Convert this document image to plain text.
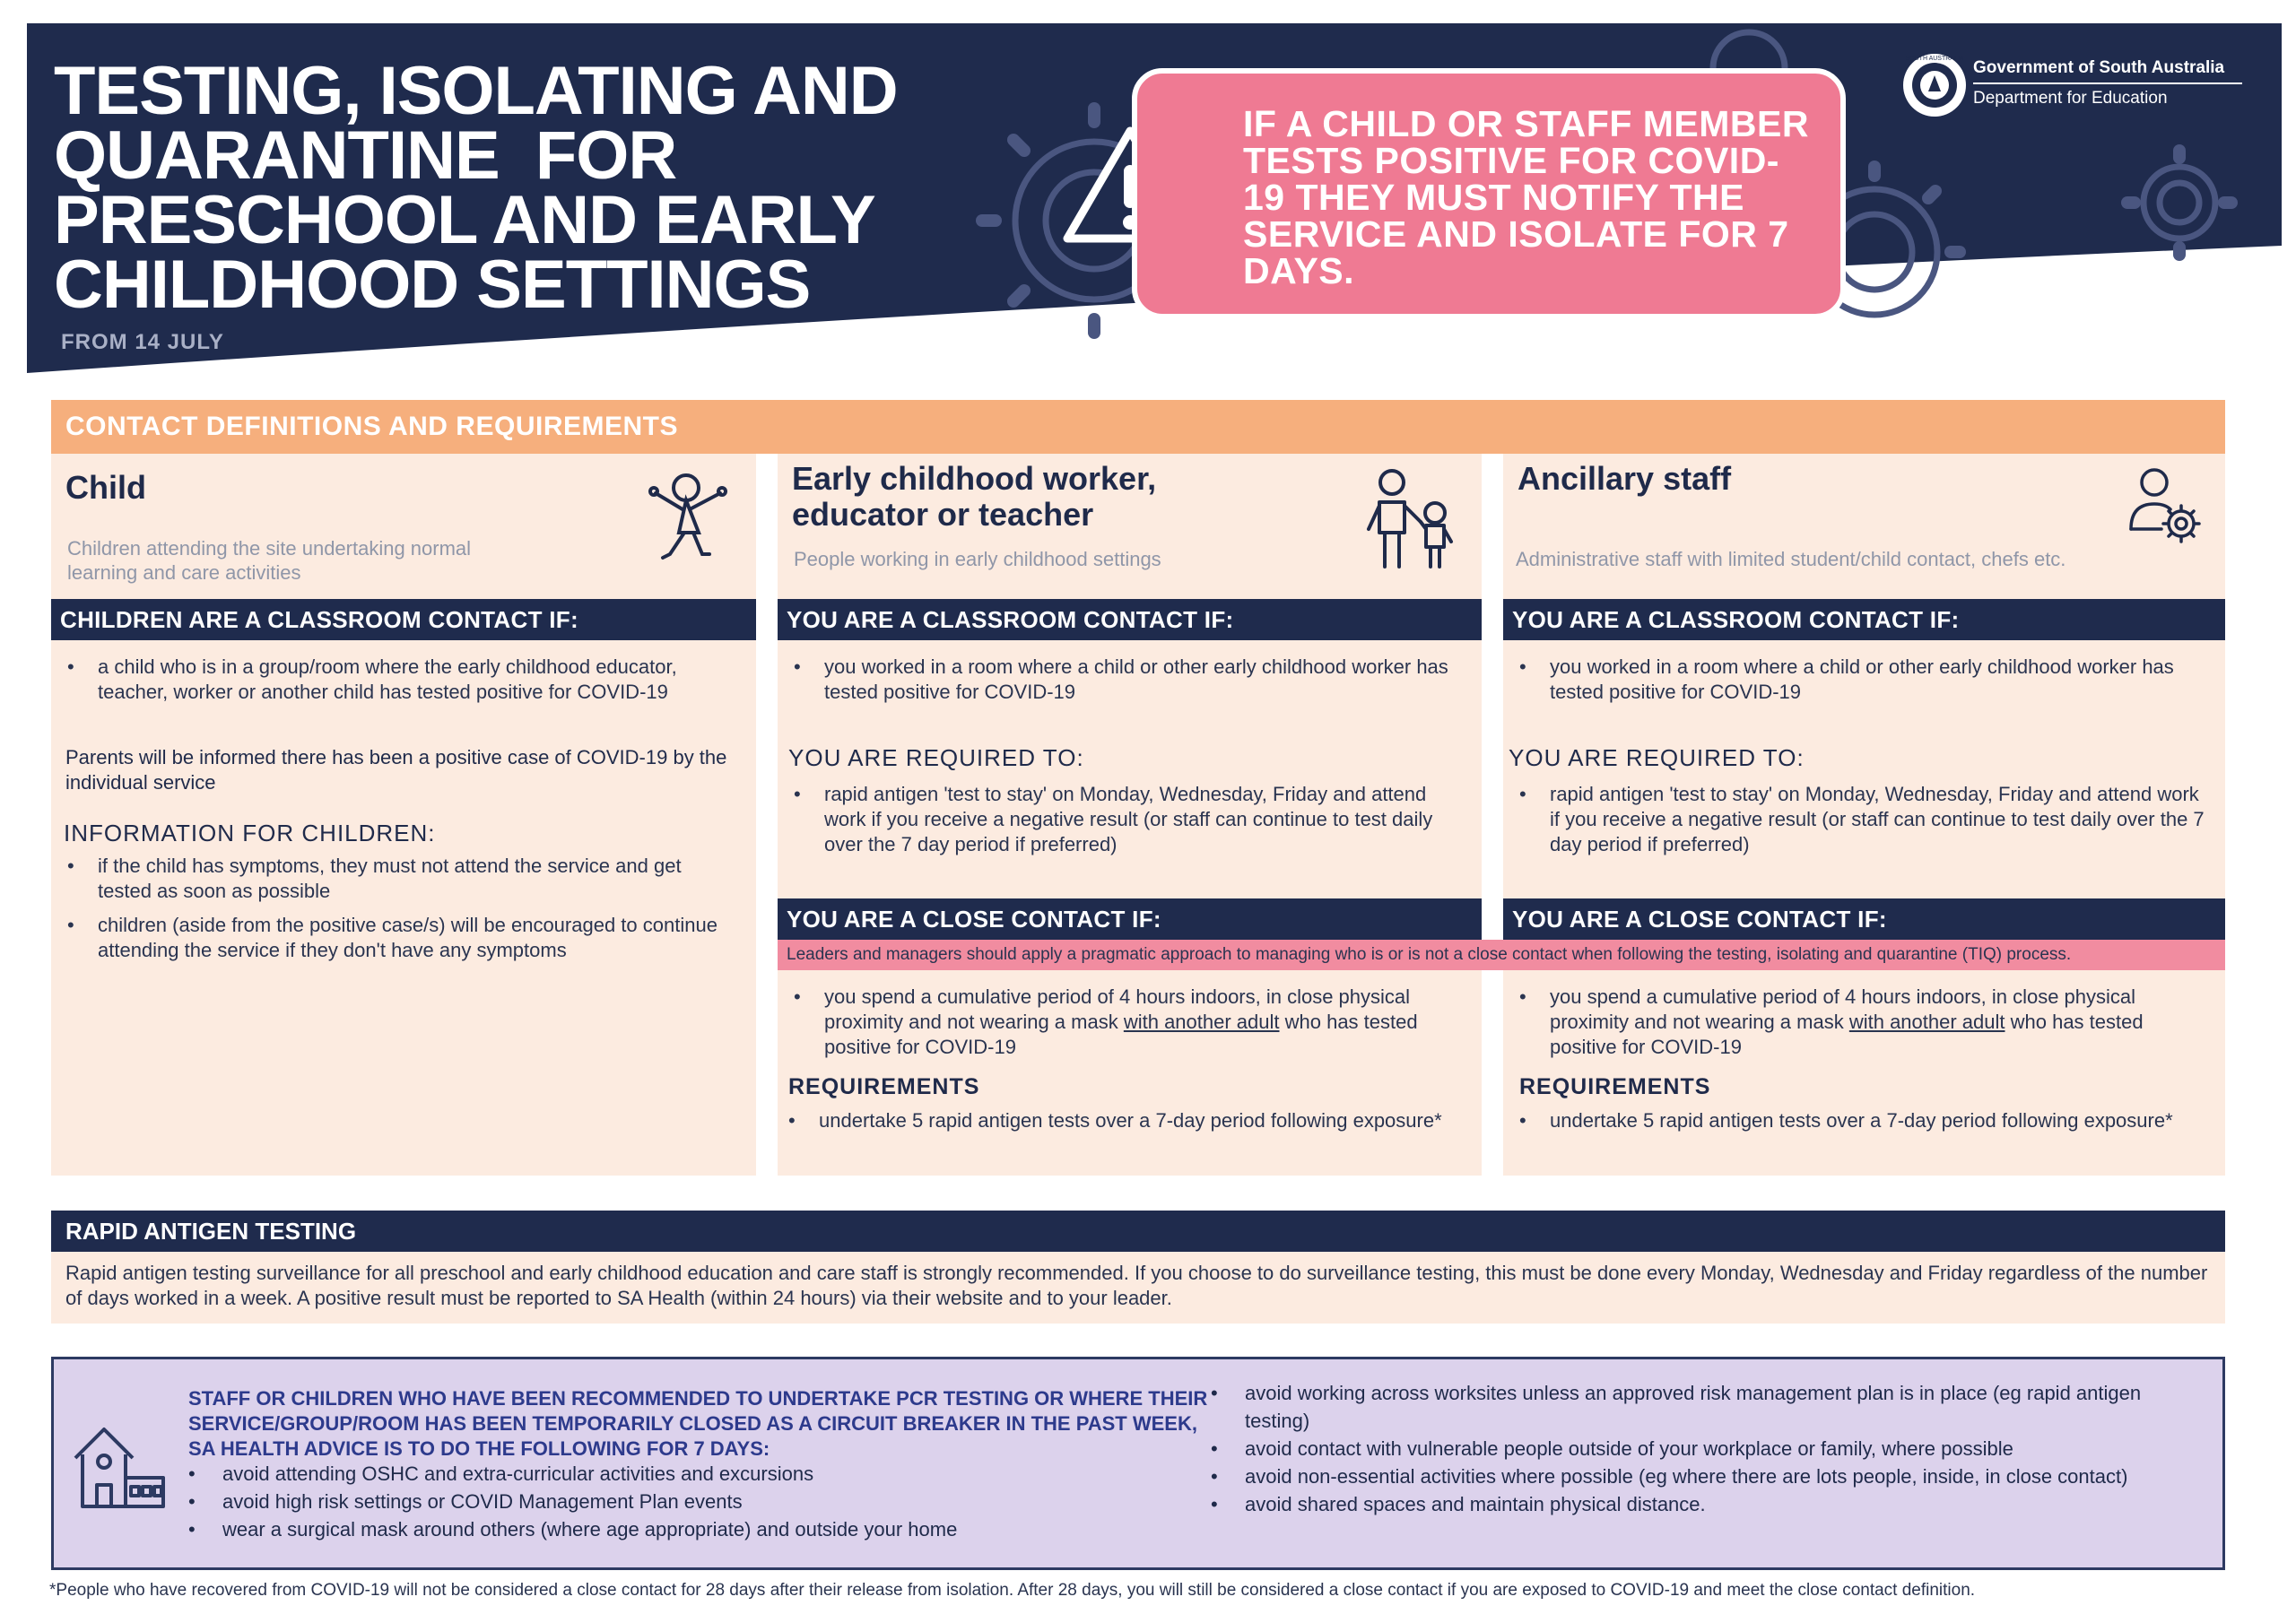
TESTING, ISOLATING AND
QUARANTINE  FOR
PRESCHOOL AND EARLY
CHILDHOOD SETTINGS
FROM 14 JULY
IF A CHILD OR STAFF MEMBER TESTS POSITIVE FOR COVID-19 THEY MUST NOTIFY THE SERVICE AND ISOLATE FOR 7 DAYS.
SOUTH AUSTRALIA Government of South Australia
Department for Education
CONTACT DEFINITIONS AND REQUIREMENTS
Child
Children attending the site undertaking normal learning and care activities
CHILDREN ARE A CLASSROOM CONTACT IF:
• a child who is in a group/room where the early childhood educator, teacher, worker or another child has tested positive for COVID-19
Parents will be informed there has been a positive case of COVID-19 by the individual service
INFORMATION FOR CHILDREN:
• if the child has symptoms, they must not attend the service and get tested as soon as possible
• children (aside from the positive case/s) will be encouraged to continue attending the service if they don't have any symptoms
Early childhood worker,
educator or teacher
People working in early childhood settings
YOU ARE A CLASSROOM CONTACT IF:
• you worked in a room where a child or other early childhood worker has tested positive for COVID-19
YOU ARE REQUIRED TO:
• rapid antigen 'test to stay' on Monday, Wednesday, Friday and attend work if you receive a negative result (or staff can continue to test daily over the 7 day period if preferred)
YOU ARE A CLOSE CONTACT IF:
• you spend a cumulative period of 4 hours indoors, in close physical proximity and not wearing a mask with another adult who has tested positive for COVID-19
REQUIREMENTS
• undertake 5 rapid antigen tests over a 7-day period following exposure*
Ancillary staff
Administrative staff with limited student/child contact, chefs etc.
YOU ARE A CLASSROOM CONTACT IF:
• you worked in a room where a child or other early childhood worker has tested positive for COVID-19
YOU ARE REQUIRED TO:
• rapid antigen 'test to stay' on Monday, Wednesday, Friday and attend work if you receive a negative result (or staff can continue to test daily over the 7 day period if preferred)
YOU ARE A CLOSE CONTACT IF:
• you spend a cumulative period of 4 hours indoors, in close physical proximity and not wearing a mask with another adult who has tested positive for COVID-19
REQUIREMENTS
• undertake 5 rapid antigen tests over a 7-day period following exposure*
Leaders and managers should apply a pragmatic approach to managing who is or is not a close contact when following the testing, isolating and quarantine (TIQ) process.
RAPID ANTIGEN TESTING
Rapid antigen testing surveillance for all preschool and early childhood education and care staff is strongly recommended. If you choose to do surveillance testing, this must be done every Monday, Wednesday and Friday regardless of the number of days worked in a week. A positive result must be reported to SA Health (within 24 hours) via their website and to your leader.
STAFF OR CHILDREN WHO HAVE BEEN RECOMMENDED TO UNDERTAKE PCR TESTING OR WHERE THEIR SERVICE/GROUP/ROOM HAS BEEN TEMPORARILY CLOSED AS A CIRCUIT BREAKER IN THE PAST WEEK, SA HEALTH ADVICE IS TO DO THE FOLLOWING FOR 7 DAYS:
• avoid attending OSHC and extra-curricular activities and excursions
• avoid high risk settings or COVID Management Plan events
• wear a surgical mask around others (where age appropriate) and outside your home
• avoid working across worksites unless an approved risk management plan is in place (eg rapid antigen testing)
• avoid contact with vulnerable people outside of your workplace or family, where possible
• avoid non-essential activities where possible (eg where there are lots people, inside, in close contact)
• avoid shared spaces and maintain physical distance.
*People who have recovered from COVID-19 will not be considered a close contact for 28 days after their release from isolation. After 28 days, you will still be considered a close contact if you are exposed to COVID-19 and meet the close contact definition.
